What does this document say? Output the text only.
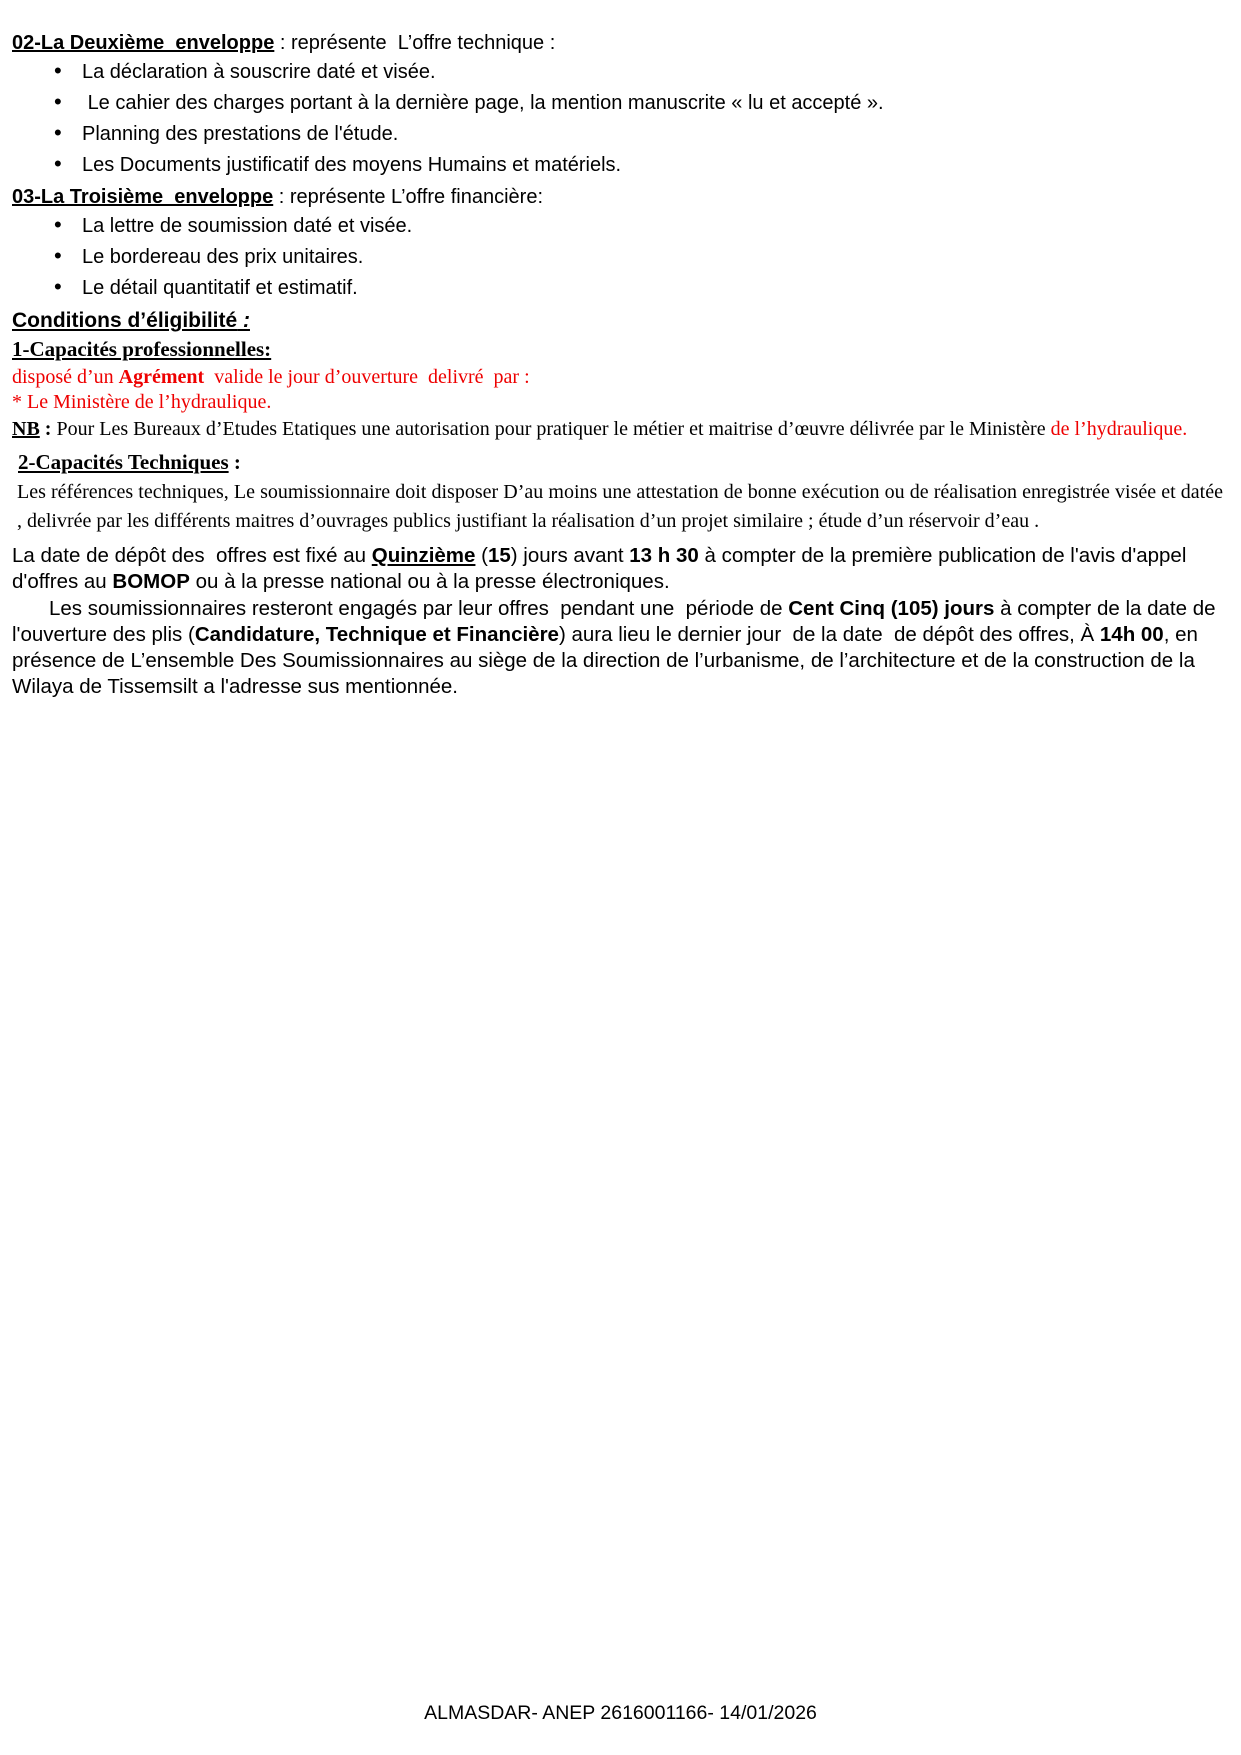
02-La Deuxième  enveloppe : représente  L’offre technique :

• La déclaration à souscrire daté et visée.
•  Le cahier des charges portant à la dernière page, la mention manuscrite « lu et accepté ».
• Planning des prestations de l'étude.
• Les Documents justificatif des moyens Humains et matériels.

03-La Troisième  enveloppe : représente L’offre financière:

• La lettre de soumission daté et visée.
• Le bordereau des prix unitaires.
• Le détail quantitatif et estimatif.

Conditions d’éligibilité :

1-Capacités professionnelles:

disposé d’un Agrément  valide le jour d’ouverture  delivré  par :

* Le Ministère de l’hydraulique.

NB : Pour Les Bureaux d’Etudes Etatiques une autorisation pour pratiquer le métier et maitrise d’œuvre délivrée par le Ministère de l’hydraulique.

2-Capacités Techniques :

Les références techniques, Le soumissionnaire doit disposer D’au moins une attestation de bonne exécution ou de réalisation enregistrée visée et datée , delivrée par les différents maitres d’ouvrages publics justifiant la réalisation d’un projet similaire ; étude d’un réservoir d’eau .

La date de dépôt des  offres est fixé au Quinzième (15) jours avant 13 h 30 à compter de la première publication de l'avis d'appel d'offres au BOMOP ou à la presse national ou à la presse électroniques.

Les soumissionnaires resteront engagés par leur offres  pendant une  période de Cent Cinq (105) jours à compter de la date de l'ouverture des plis (Candidature, Technique et Financière) aura lieu le dernier jour  de la date  de dépôt des offres, À 14h 00, en présence de L’ensemble Des Soumissionnaires au siège de la direction de l’urbanisme, de l’architecture et de la construction de la Wilaya de Tissemsilt a l'adresse sus mentionnée.

ALMASDAR- ANEP 2616001166- 14/01/2026
